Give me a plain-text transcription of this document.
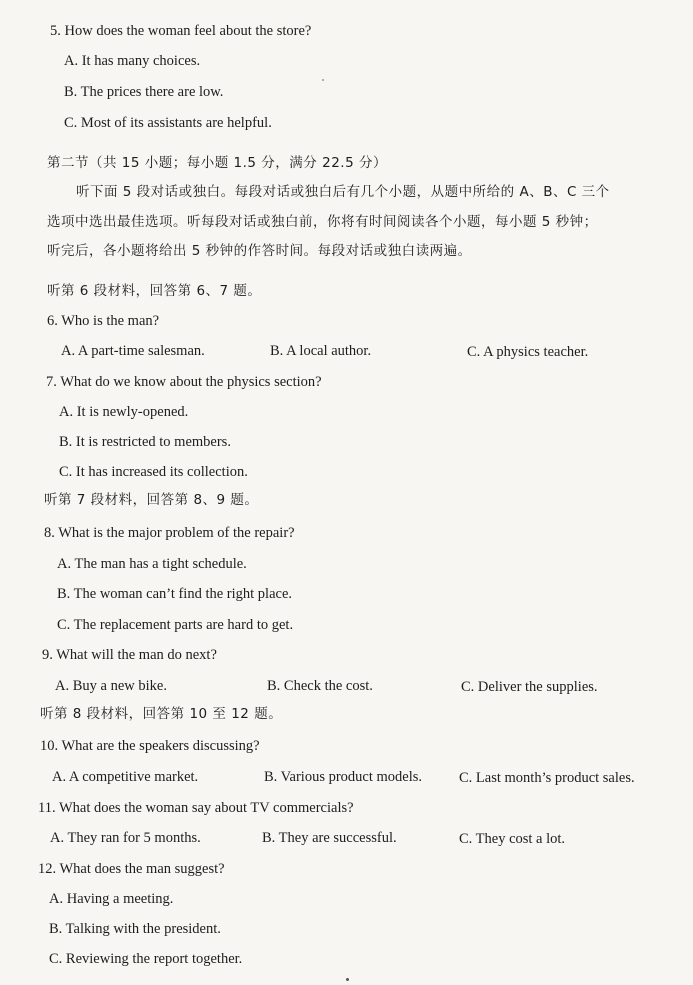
5. How does the woman feel about the store?
A. It has many choices.
B. The prices there are low.
C. Most of its assistants are helpful.
第二节（共 15 小题；每小题 1.5 分，满分 22.5 分）
听下面 5 段对话或独白。每段对话或独白后有几个小题，从题中所给的 A、B、C 三个
选项中选出最佳选项。听每段对话或独白前，你将有时间阅读各个小题，每小题 5 秒钟；
听完后，各小题将给出 5 秒钟的作答时间。每段对话或独白读两遍。
听第 6 段材料，回答第 6、7 题。
6. Who is the man?
A. A part-time salesman.	B. A local author.	C. A physics teacher.
7. What do we know about the physics section?
A. It is newly-opened.
B. It is restricted to members.
C. It has increased its collection.
听第 7 段材料，回答第 8、9 题。
8. What is the major problem of the repair?
A. The man has a tight schedule.
B. The woman can’t find the right place.
C. The replacement parts are hard to get.
9. What will the man do next?
A. Buy a new bike.	B. Check the cost.	C. Deliver the supplies.
听第 8 段材料，回答第 10 至 12 题。
10. What are the speakers discussing?
A. A competitive market.	B. Various product models.	C. Last month’s product sales.
11. What does the woman say about TV commercials?
A. They ran for 5 months.	B. They are successful.	C. They cost a lot.
12. What does the man suggest?
A. Having a meeting.
B. Talking with the president.
C. Reviewing the report together.
